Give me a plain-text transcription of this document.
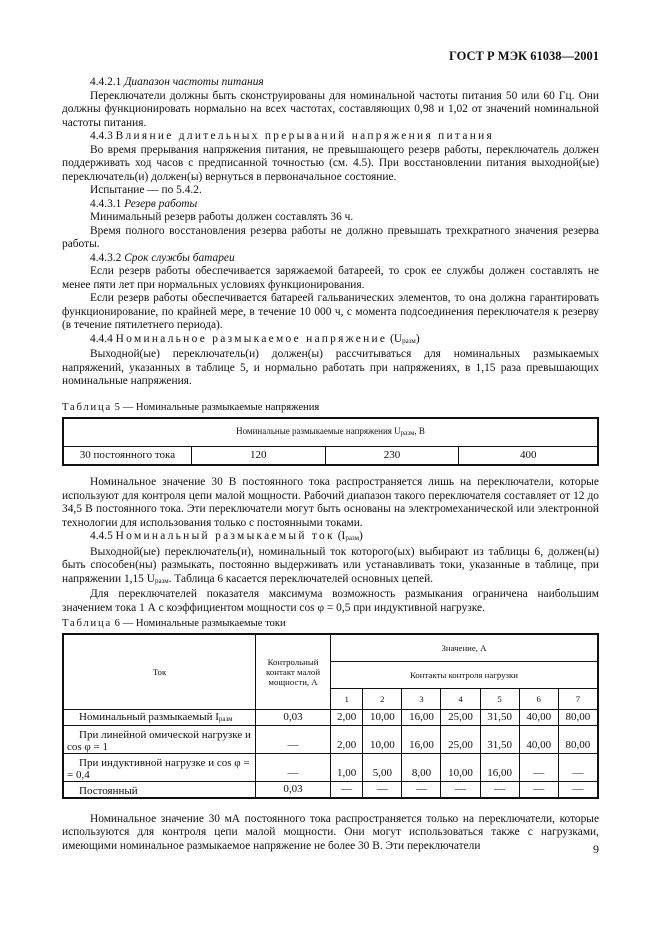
ГОСТ Р МЭК 61038—2001

4.4.2.1 Диапазон частоты питания

Переключатели должны быть сконструированы для номинальной частоты питания 50 или 60 Гц. Они должны функционировать нормально на всех частотах, составляющих 0,98 и 1,02 от значений номинальной частоты питания.

4.4.3 Влияние длительных прерываний напряжения питания

Во время прерывания напряжения питания, не превышающего резерв работы, переключатель должен поддерживать ход часов с предписанной точностью (см. 4.5). При восстановлении питания выходной(ые) переключатель(и) должен(ы) вернуться в первоначальное состояние.

Испытание — по 5.4.2.

4.4.3.1 Резерв работы

Минимальный резерв работы должен составлять 36 ч.

Время полного восстановления резерва работы не должно превышать трехкратного значения резерва работы.

4.4.3.2 Срок службы батареи

Если резерв работы обеспечивается заряжаемой батареей, то срок ее службы должен составлять не менее пяти лет при нормальных условиях функционирования.

Если резерв работы обеспечивается батареей гальванических элементов, то она должна гарантировать функционирование, по крайней мере, в течение 10 000 ч, с момента подсоединения переключателя к резерву (в течение пятилетнего периода).

4.4.4 Номинальное размыкаемое напряжение $(U_{разм})$

Выходной(ые) переключатель(и) должен(ы) рассчитываться для номинальных размыкаемых напряжений, указанных в таблице 5, и нормально работать при напряжениях, в 1,15 раза превышающих номинальные напряжения.

Таблица 5 — Номинальные размыкаемые напряжения

Номинальные размыкаемые напряжения $U_{разм}$, В
30 постоянного тока	120	230	400

Номинальное значение 30 В постоянного тока распространяется лишь на переключатели, которые используют для контроля цепи малой мощности. Рабочий диапазон такого переключателя составляет от 12 до 34,5 В постоянного тока. Эти переключатели могут быть основаны на электромеханической или электронной технологии для использования только с постоянными токами.

4.4.5 Номинальный размыкаемый ток $(I_{разм})$

Выходной(ые) переключатель(и), номинальный ток которого(ых) выбирают из таблицы 6, должен(ы) быть способен(ны) размыкать, постоянно выдерживать или устанавливать токи, указанные в таблице, при напряжении 1,15 $U_{разм}$. Таблица 6 касается переключателей основных цепей.

Для переключателей показателя максимума возможность размыкания ограничена наибольшим значением тока 1 А с коэффициентом мощности cos φ = 0,5 при индуктивной нагрузке.

Таблица 6 — Номинальные размыкаемые токи

Ток	Контрольный контакт малой мощности, А	Значение, А						
		Контакты контроля нагрузки						
		1	2	3	4	5	6	7
Номинальный размыкаемый $I_{разм}$	0,03	2,00	10,00	16,00	25,00	31,50	40,00	80,00
При линейной омической нагрузке и cos φ = 1	—	2,00	10,00	16,00	25,00	31,50	40,00	80,00
При индуктивной нагрузке и cos φ = = 0,4	—	1,00	5,00	8,00	10,00	16,00	—	—
Постоянный	0,03	—	—	—	—	—	—	—

Номинальное значение 30 мА постоянного тока распространяется только на переключатели, которые используются для контроля цепи малой мощности. Они могут использоваться также с нагрузками, имеющими номинальное размыкаемое напряжение не более 30 В. Эти переключатели	9
